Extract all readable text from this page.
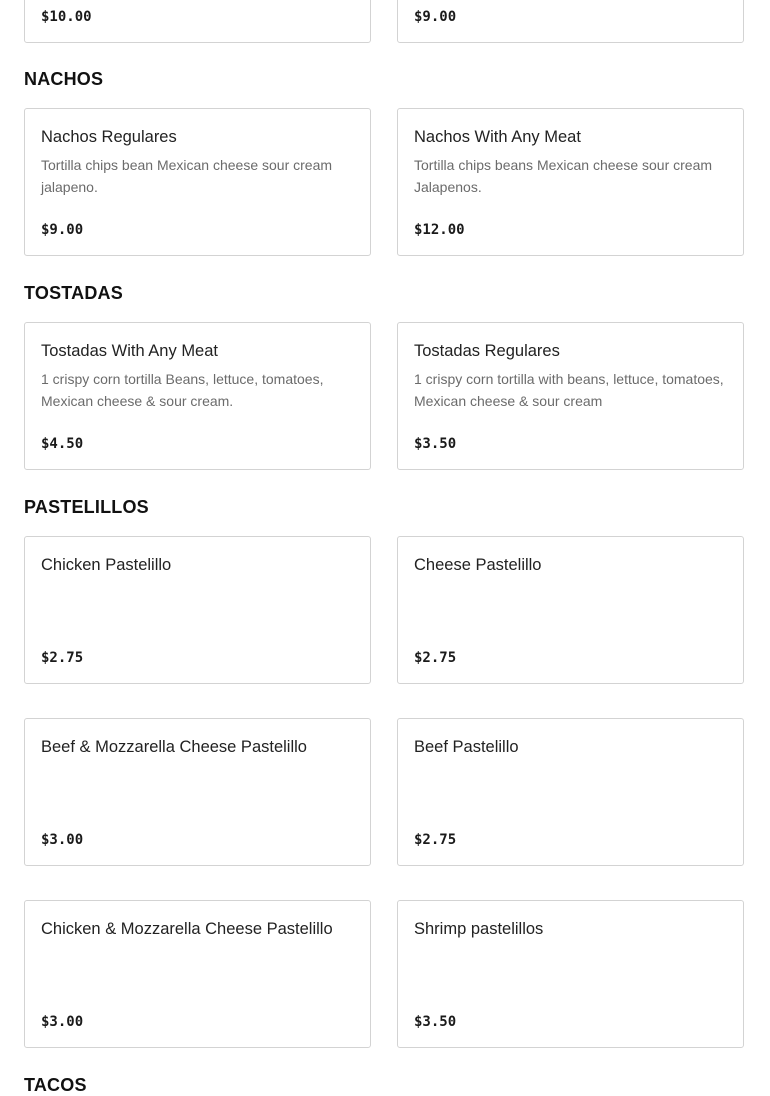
$10.00	$9.00
NACHOS
Nachos Regulares
Tortilla chips bean Mexican cheese sour cream jalapeno.
$9.00
Nachos With Any Meat
Tortilla chips beans Mexican cheese sour cream Jalapenos.
$12.00
TOSTADAS
Tostadas With Any Meat
1 crispy corn tortilla Beans, lettuce, tomatoes, Mexican cheese & sour cream.
$4.50
Tostadas Regulares
1 crispy corn tortilla with beans, lettuce, tomatoes, Mexican cheese & sour cream
$3.50
PASTELILLOS
Chicken Pastelillo
$2.75
Cheese Pastelillo
$2.75
Beef & Mozzarella Cheese Pastelillo
$3.00
Beef Pastelillo
$2.75
Chicken & Mozzarella Cheese Pastelillo
$3.00
Shrimp pastelillos
$3.50
TACOS
